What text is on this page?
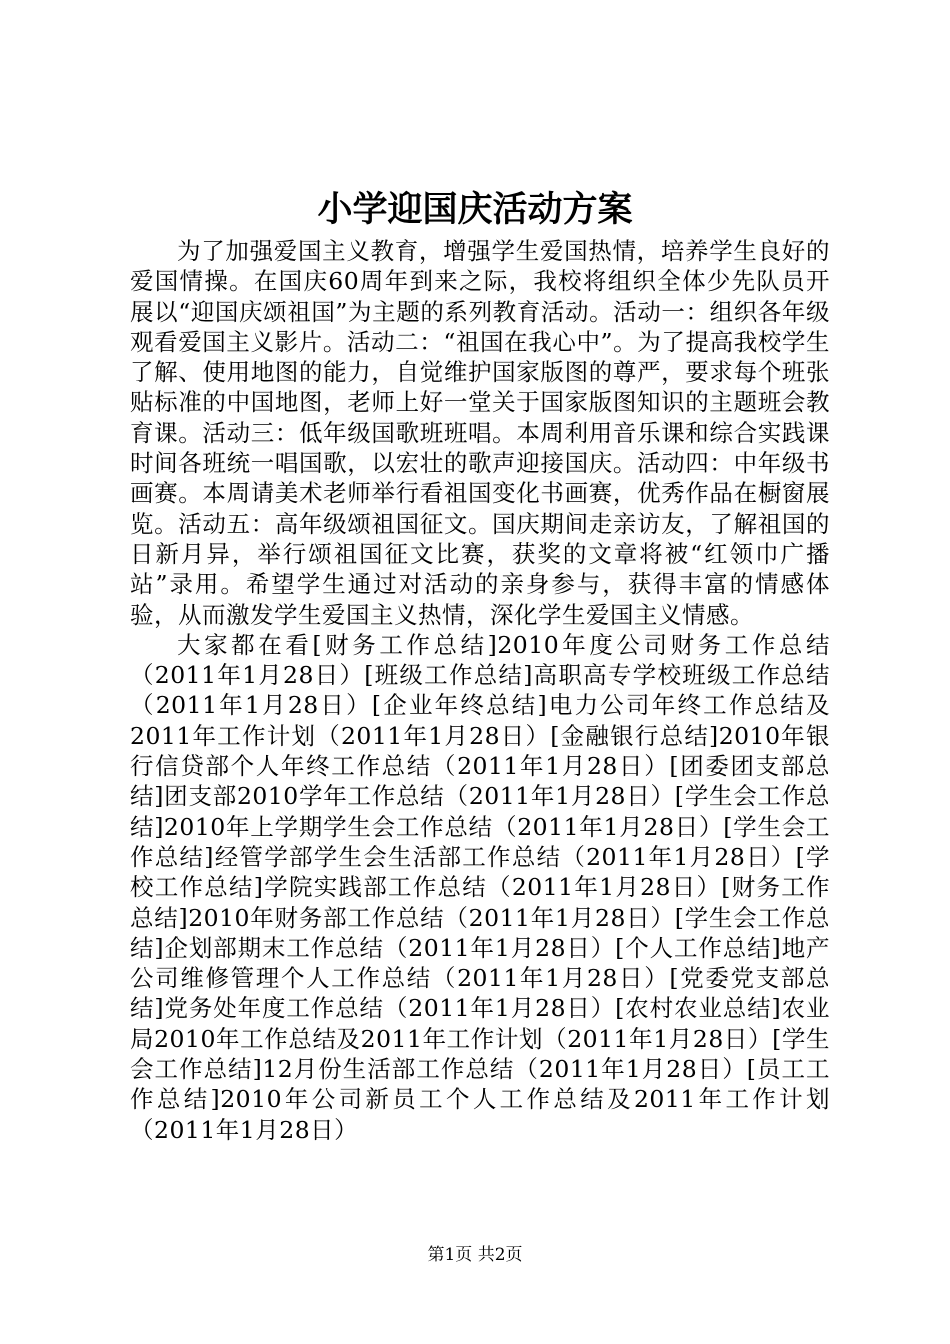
小学迎国庆活动方案

为了加强爱国主义教育，增强学生爱国热情，培养学生良好的爱国情操。在国庆60周年到来之际，我校将组织全体少先队员开展以“迎国庆颂祖国”为主题的系列教育活动。活动一：组织各年级观看爱国主义影片。活动二：“祖国在我心中”。为了提高我校学生了解、使用地图的能力，自觉维护国家版图的尊严，要求每个班张贴标准的中国地图，老师上好一堂关于国家版图知识的主题班会教育课。活动三：低年级国歌班班唱。本周利用音乐课和综合实践课时间各班统一唱国歌，以宏壮的歌声迎接国庆。活动四：中年级书画赛。本周请美术老师举行看祖国变化书画赛，优秀作品在橱窗展览。活动五：高年级颂祖国征文。国庆期间走亲访友，了解祖国的日新月异，举行颂祖国征文比赛，获奖的文章将被“红领巾广播站”录用。希望学生通过对活动的亲身参与，获得丰富的情感体验，从而激发学生爱国主义热情，深化学生爱国主义情感。

大家都在看[财务工作总结]2010年度公司财务工作总结（2011年1月28日）[班级工作总结]高职高专学校班级工作总结（2011年1月28日）[企业年终总结]电力公司年终工作总结及2011年工作计划（2011年1月28日）[金融银行总结]2010年银行信贷部个人年终工作总结（2011年1月28日）[团委团支部总结]团支部2010学年工作总结（2011年1月28日）[学生会工作总结]2010年上学期学生会工作总结（2011年1月28日）[学生会工作总结]经管学部学生会生活部工作总结（2011年1月28日）[学校工作总结]学院实践部工作总结（2011年1月28日）[财务工作总结]2010年财务部工作总结（2011年1月28日）[学生会工作总结]企划部期末工作总结（2011年1月28日）[个人工作总结]地产公司维修管理个人工作总结（2011年1月28日）[党委党支部总结]党务处年度工作总结（2011年1月28日）[农村农业总结]农业局2010年工作总结及2011年工作计划（2011年1月28日）[学生会工作总结]12月份生活部工作总结（2011年1月28日）[员工工作总结]2010年公司新员工个人工作总结及2011年工作计划（2011年1月28日）

第1页 共2页
